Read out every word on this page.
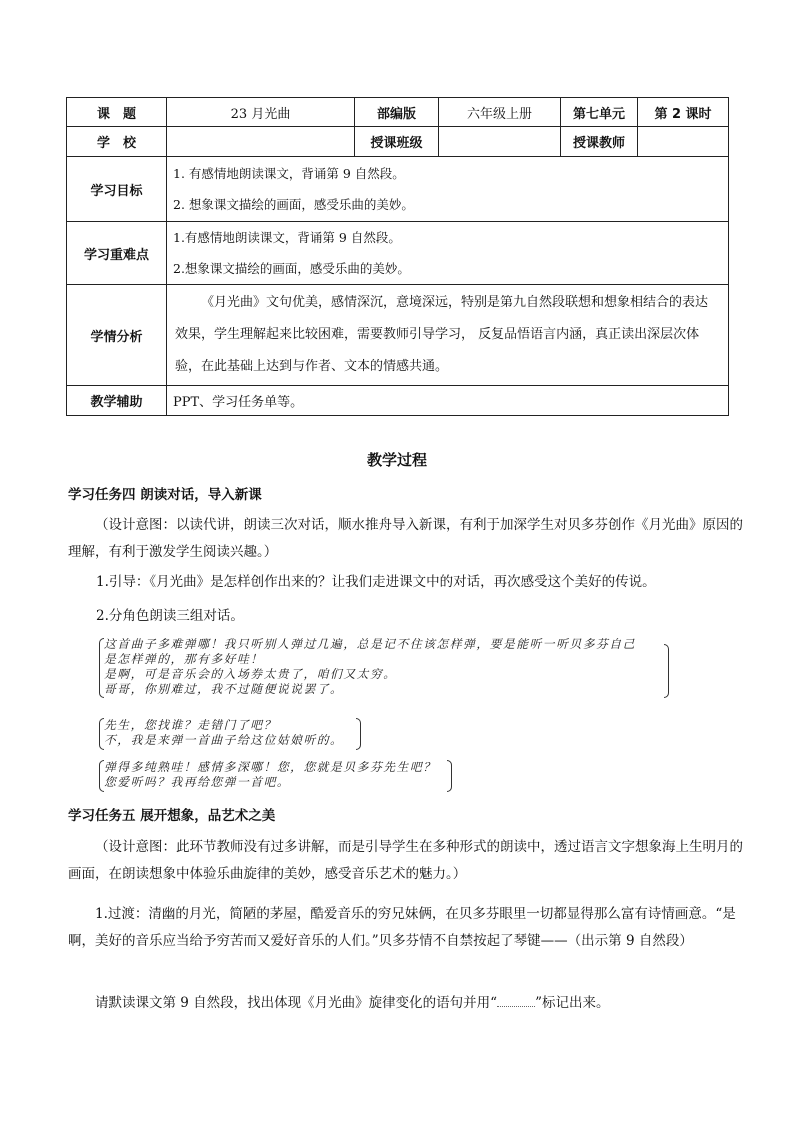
课　题	23 月光曲	部编版	六年级上册	第七单元	第 2 课时
学　校		授课班级		授课教师	
学习目标	1. 有感情地朗读课文，背诵第 9 自然段。
2. 想象课文描绘的画面，感受乐曲的美妙。				

学习重难点	1.有感情地朗读课文，背诵第 9 自然段。
2.想象课文描绘的画面，感受乐曲的美妙。				

学情分析	《月光曲》文句优美，感情深沉，意境深远，特别是第九自然段联想和想象相结合的表达效果，学生理解起来比较困难，需要教师引导学习， 反复品悟语言内涵，真正读出深层次体验，在此基础上达到与作者、文本的情感共通。				
教学辅助	PPT、学习任务单等。				
教学过程
学习任务四 朗读对话，导入新课
（设计意图：以读代讲，朗读三次对话，顺水推舟导入新课，有利于加深学生对贝多芬创作《月光曲》原因的理解，有利于激发学生阅读兴趣。）
1.引导：《月光曲》是怎样创作出来的？让我们走进课文中的对话，再次感受这个美好的传说。
2.分角色朗读三组对话。
这首曲子多难弹哪！我只听别人弹过几遍，总是记不住该怎样弹，要是能听一听贝多芬自己
是怎样弹的，那有多好哇！
是啊，可是音乐会的入场券太贵了，咱们又太穷。
哥哥，你别难过，我不过随便说说罢了。
先生，您找谁？走错门了吧？
不，我是来弹一首曲子给这位姑娘听的。
弹得多纯熟哇！感情多深哪！您，您就是贝多芬先生吧？
您爱听吗？我再给您弹一首吧。
学习任务五 展开想象，品艺术之美
（设计意图：此环节教师没有过多讲解，而是引导学生在多种形式的朗读中，透过语言文字想象海上生明月的画面，在朗读想象中体验乐曲旋律的美妙，感受音乐艺术的魅力。）
1.过渡：清幽的月光，简陋的茅屋，酷爱音乐的穷兄妹俩，在贝多芬眼里一切都显得那么富有诗情画意。“是啊，美好的音乐应当给予穷苦而又爱好音乐的人们。”贝多芬情不自禁按起了琴键——（出示第 9 自然段）
请默读课文第 9 自然段，找出体现《月光曲》旋律变化的语句并用“	”标记出来。
